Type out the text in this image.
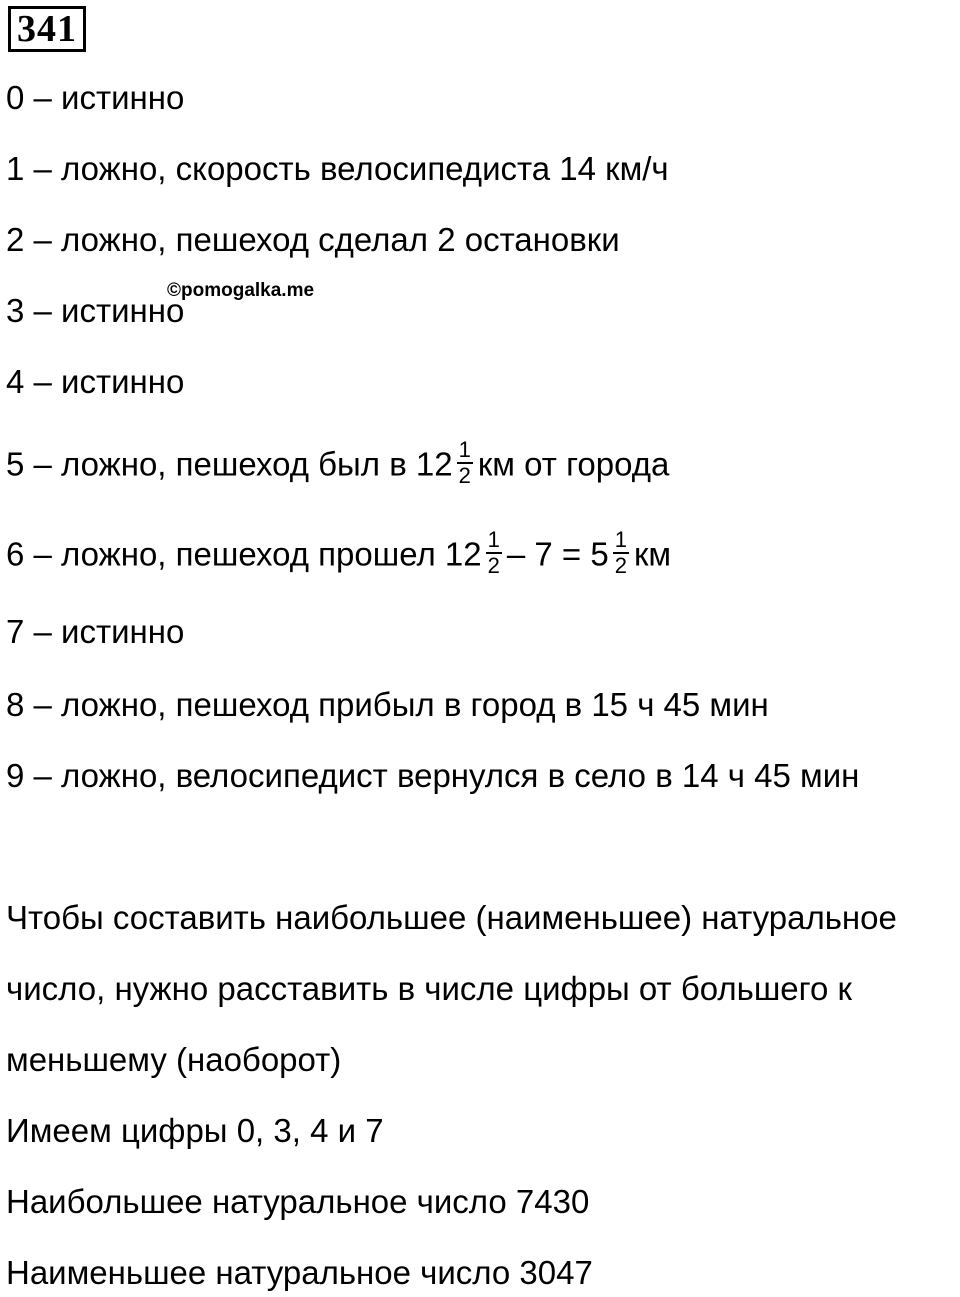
341
0 – истинно
1 – ложно, скорость велосипедиста 14 км/ч
2 – ложно, пешеход сделал 2 остановки
3 – истинно
©pomogalka.me
4 – истинно
5 – ложно, пешеход был в $12 \frac{1}{2}$ км от города
6 – ложно, пешеход прошел $12 \frac{1}{2} - 7 = 5 \frac{1}{2}$ км
7 – истинно
8 – ложно, пешеход прибыл в город в 15 ч 45 мин
9 – ложно, велосипедист вернулся в село в 14 ч 45 мин
Чтобы составить наибольшее (наименьшее) натуральное
число, нужно расставить в числе цифры от большего к
меньшему (наоборот)
Имеем цифры 0, 3, 4 и 7
Наибольшее натуральное число 7430
Наименьшее натуральное число 3047
